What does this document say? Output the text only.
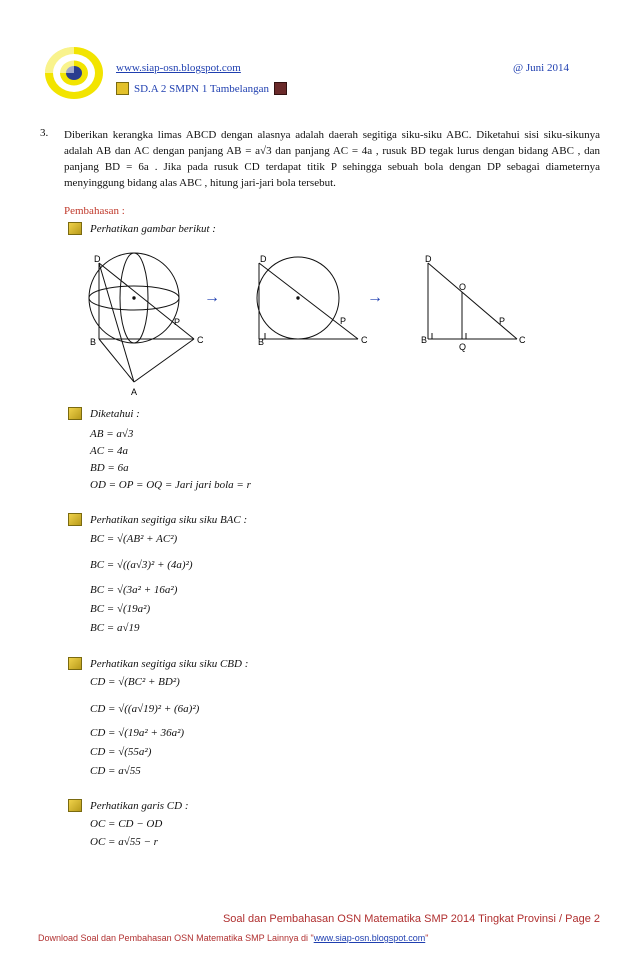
www.siap-osn.blogspot.com	@ Juni 2014
SD.A 2 SMPN 1 Tambelangan
3. Diberikan kerangka limas ABCD dengan alasnya adalah daerah segitiga siku-siku ABC. Diketahui sisi siku-sikunya adalah AB dan AC dengan panjang AB = a√3 dan panjang AC = 4a , rusuk BD tegak lurus dengan bidang ABC , dan panjang BD = 6a . Jika pada rusuk CD terdapat titik P sehingga sebuah bola dengan DP sebagai diameternya menyinggung bidang alas ABC , hitung jari-jari bola tersebut.
Pembahasan :
Perhatikan gambar berikut :
D
B
P
C
A
→
D
B
P
C
→
D
O
P
B
Q
C
Diketahui :
AB = a√3
AC = 4a
BD = 6a
OD = OP = OQ = Jari jari bola = r
Perhatikan segitiga siku siku BAC :
BC = √(AB² + AC²)
BC = √((a√3)² + (4a)²)
BC = √(3a² + 16a²)
BC = √(19a²)
BC = a√19
Perhatikan segitiga siku siku CBD :
CD = √(BC² + BD²)
CD = √((a√19)² + (6a)²)
CD = √(19a² + 36a²)
CD = √(55a²)
CD = a√55
Perhatikan garis CD :
OC = CD − OD
OC = a√55 − r
Soal dan Pembahasan OSN Matematika SMP 2014 Tingkat Provinsi / Page 2
Download Soal dan Pembahasan OSN Matematika SMP Lainnya di "www.siap-osn.blogspot.com"
